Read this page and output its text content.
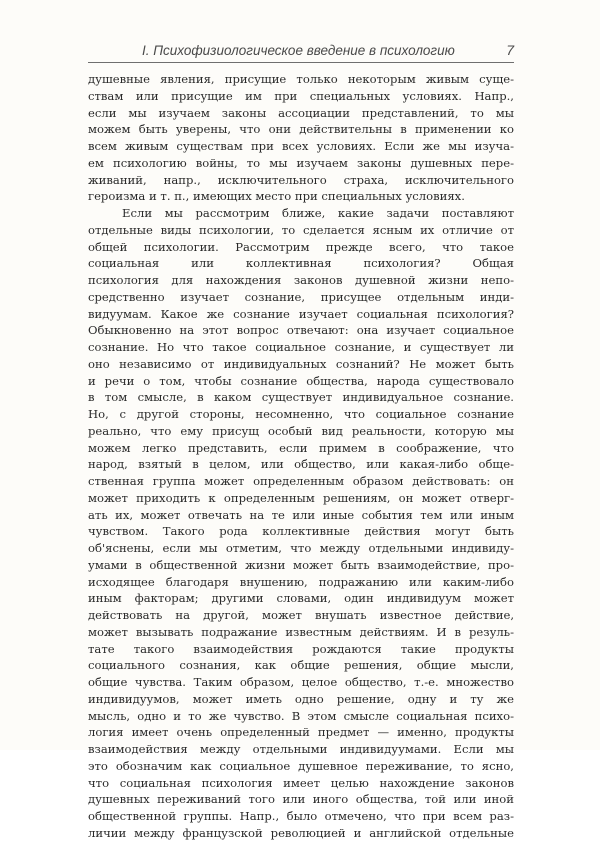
I. Психофизиологическое введение в психологию	7
душевные явления, присущие только некоторым живым суще-
ствам или присущие им при специальных условиях. Напр.,
если мы изучаем законы ассоциации представлений, то мы
можем быть уверены, что они действительны в применении ко
всем живым существам при всех условиях. Если же мы изуча-
ем психологию войны, то мы изучаем законы душевных пере-
живаний, напр., исключительного страха, исключительного
героизма и т. п., имеющих место при специальных условиях.
Если мы рассмотрим ближе, какие задачи поставляют
отдельные виды психологии, то сделается ясным их отличие от
общей психологии. Рассмотрим прежде всего, что такое
социальная или коллективная психология? Общая
психология для нахождения законов душевной жизни непо-
средственно изучает сознание, присущее отдельным инди-
видуумам. Какое же сознание изучает социальная психология?
Обыкновенно на этот вопрос отвечают: она изучает социальное
сознание. Но что такое социальное сознание, и существует ли
оно независимо от индивидуальных сознаний? Не может быть
и речи о том, чтобы сознание общества, народа существовало
в том смысле, в каком существует индивидуальное сознание.
Но, с другой стороны, несомненно, что социальное сознание
реально, что ему присущ особый вид реальности, которую мы
можем легко представить, если примем в соображение, что
народ, взятый в целом, или общество, или какая-либо обще-
ственная группа может определенным образом действовать: он
может приходить к определенным решениям, он может отверг-
ать их, может отвечать на те или иные события тем или иным
чувством. Такого рода коллективные действия могут быть
об'яснены, если мы отметим, что между отдельными индивиду-
умами в общественной жизни может быть взаимодействие, про-
исходящее благодаря внушению, подражанию или каким-либо
иным факторам; другими словами, один индивидуум может
действовать на другой, может внушать известное действие,
может вызывать подражание известным действиям. И в резуль-
тате такого взаимодействия рождаются такие продукты
социального сознания, как общие решения, общие мысли,
общие чувства. Таким образом, целое общество, т.-е. множество
индивидуумов, может иметь одно решение, одну и ту же
мысль, одно и то же чувство. В этом смысле социальная психо-
логия имеет очень определенный предмет — именно, продукты
взаимодействия между отдельными индивидуумами. Если мы
это обозначим как социальное душевное переживание, то ясно,
что социальная психология имеет целью нахождение законов
душевных переживаний того или иного общества, той или иной
общественной группы. Напр., было отмечено, что при всем раз-
личии между французской революцией и английской отдельные
